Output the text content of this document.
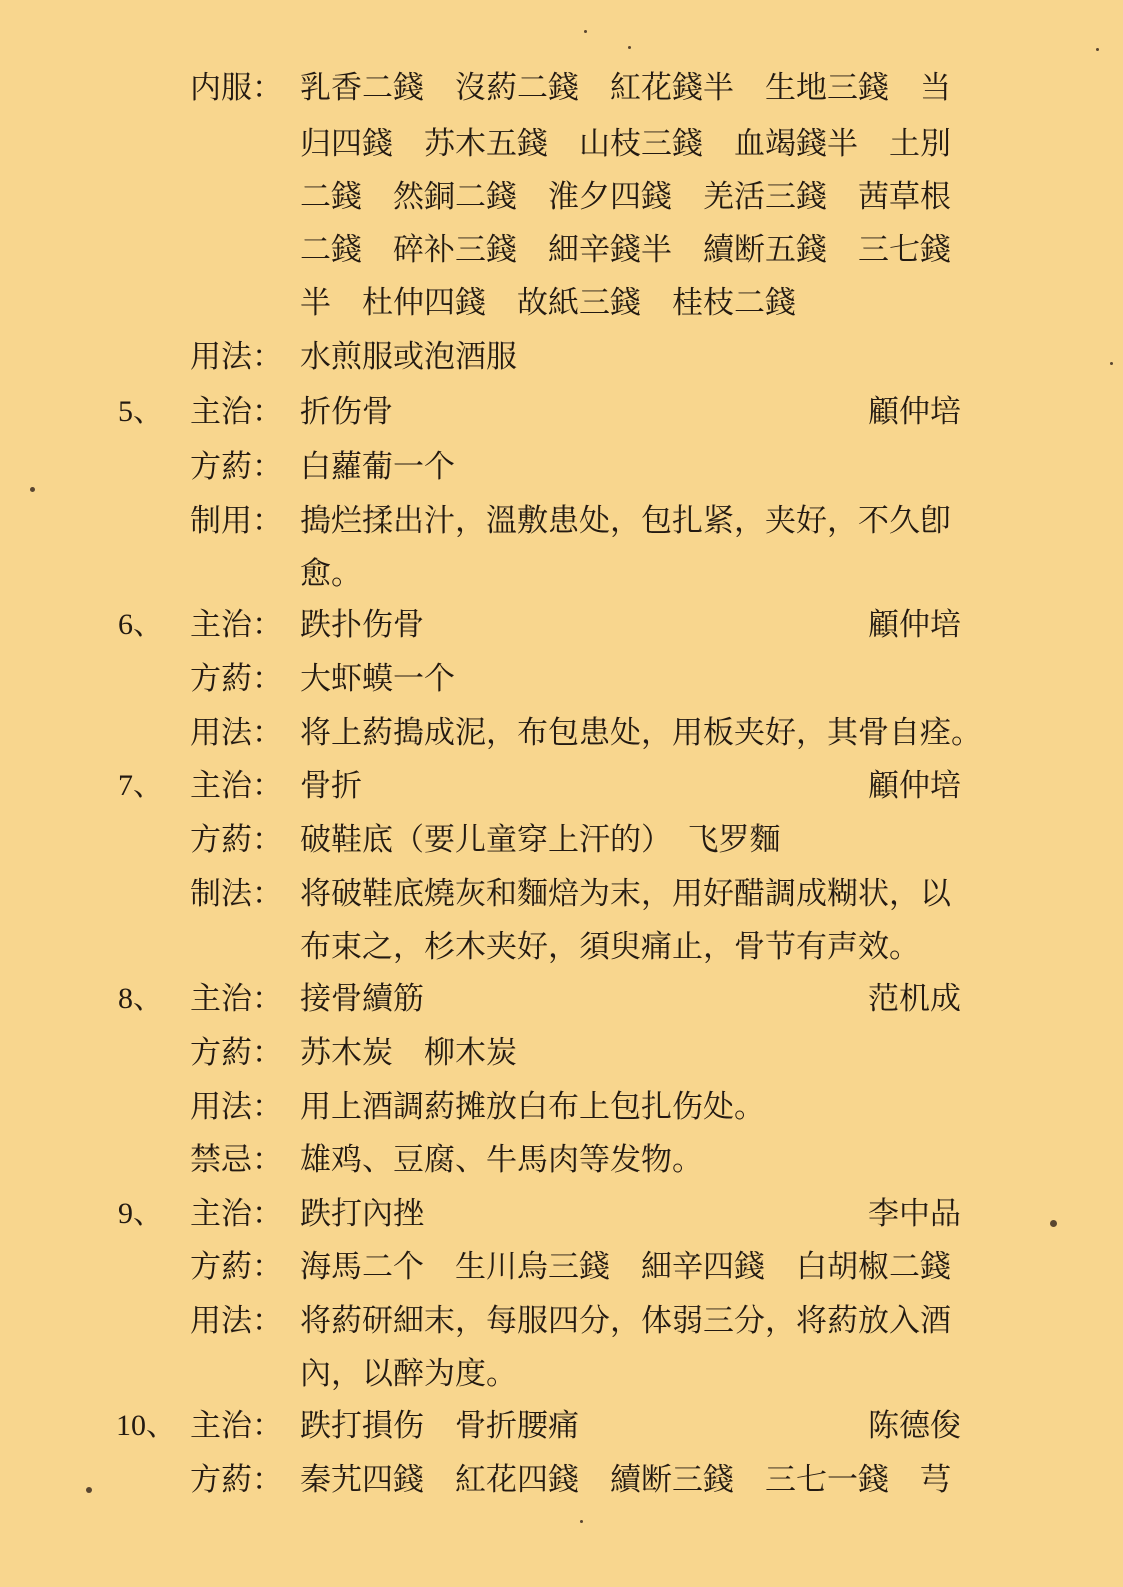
内服： 乳香二錢　沒葯二錢　紅花錢半　生地三錢　当
归四錢　苏木五錢　山枝三錢　血竭錢半　土別
二錢　然銅二錢　淮夕四錢　羌活三錢　茜草根
二錢　碎补三錢　細辛錢半　續断五錢　三七錢
半　杜仲四錢　故紙三錢　桂枝二錢
用法： 水煎服或泡酒服
5、 主治： 折伤骨	顧仲培
方葯： 白蘿葡一个
制用： 搗烂揉出汁，溫敷患处，包扎紧，夹好，不久卽
愈。
6、 主治： 跌扑伤骨	顧仲培
方葯： 大虾蟆一个
用法： 将上葯搗成泥，布包患处，用板夹好，其骨自痊。
7、 主治： 骨折	顧仲培
方葯： 破鞋底（要儿童穿上汗的）　飞罗麵
制法： 将破鞋底燒灰和麵焙为末，用好醋調成糊状，以
布束之，杉木夹好，須臾痛止，骨节有声效。
8、 主治： 接骨續筋	范机成
方葯： 苏木炭　柳木炭
用法： 用上酒調葯摊放白布上包扎伤处。
禁忌： 雄鸡、豆腐、牛馬肉等发物。
9、 主治： 跌打內挫	李中品
方葯： 海馬二个　生川烏三錢　細辛四錢　白胡椒二錢
用法： 将葯研細末，每服四分，体弱三分，将葯放入酒
內，以醉为度。
10、 主治： 跌打損伤　骨折腰痛	陈德俊
方葯： 秦艽四錢　紅花四錢　續断三錢　三七一錢　芎
